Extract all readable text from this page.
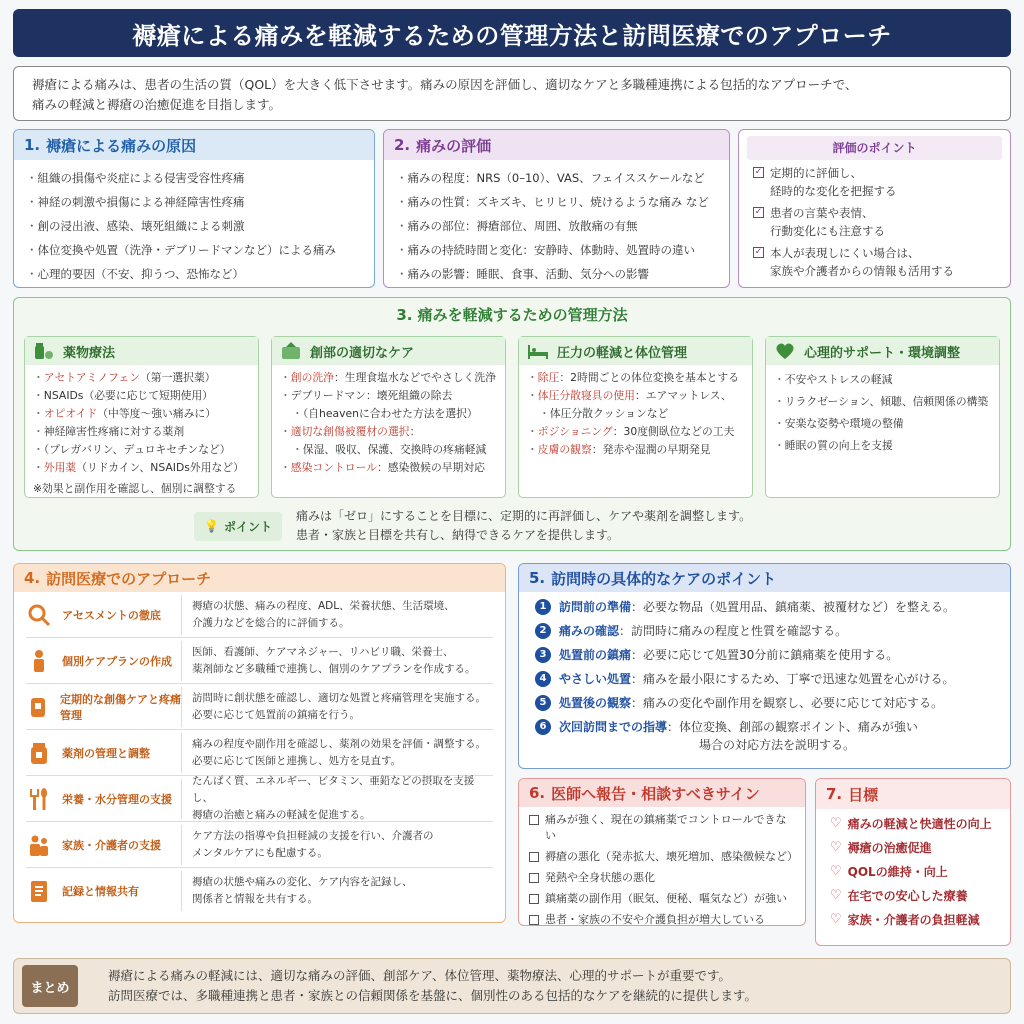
褥瘡による痛みを軽減するための管理方法と訪問医療でのアプローチ
褥瘡による痛みは、患者の生活の質（QOL）を大きく低下させます。痛みの原因を評価し、適切なケアと多職種連携による包括的なアプローチで、
痛みの軽減と褥瘡の治癒促進を目指します。
1. 褥瘡による痛みの原因
・ 組織の損傷や炎症による侵害受容性疼痛
・ 神経の刺激や損傷による神経障害性疼痛
・ 創の浸出液、感染、壊死組織による刺激
・ 体位変換や処置（洗浄・デブリードマンなど）による痛み
・ 心理的要因（不安、抑うつ、恐怖など）
2. 痛みの評価
・ 痛みの程度：NRS（0–10）、VAS、フェイススケールなど
・ 痛みの性質：ズキズキ、ヒリヒリ、焼けるような痛み など
・ 痛みの部位：褥瘡部位、周囲、放散痛の有無
・ 痛みの持続時間と変化：安静時、体動時、処置時の違い
・ 痛みの影響：睡眠、食事、活動、気分への影響
評価のポイント
✓ 定期的に評価し、
経時的な変化を把握する
✓ 患者の言葉や表情、
行動変化にも注意する
✓ 本人が表現しにくい場合は、
家族や介護者からの情報も活用する
3. 痛みを軽減するための管理方法
薬物療法
・ アセトアミノフェン（第一選択薬）
・ NSAIDs（必要に応じて短期使用）
・ オピオイド（中等度〜強い痛みに）
・ 神経障害性疼痛に対する薬剤
・ （プレガバリン、デュロキセチンなど）
・ 外用薬（リドカイン、NSAIDs外用など）
※効果と副作用を確認し、個別に調整する
創部の適切なケア
・ 創の洗浄：生理食塩水などでやさしく洗浄
・ デブリードマン：壊死組織の除去
・ （自heavenに合わせた方法を選択）
・ 適切な創傷被覆材の選択：
・ 保湿、吸収、保護、交換時の疼痛軽減
・ 感染コントロール：感染徴候の早期対応
圧力の軽減と体位管理
・ 除圧：2時間ごとの体位変換を基本とする
・ 体圧分散寝具の使用：エアマットレス、
・ 体圧分散クッションなど
・ ポジショニング：30度側臥位などの工夫
・ 皮膚の観察：発赤や湿潤の早期発見
心理的サポート・環境調整
・ 不安やストレスの軽減
・ リラクゼーション、傾聴、信頼関係の構築
・ 安楽な姿勢や環境の整備
・ 睡眠の質の向上を支援
💡 ポイント
痛みは「ゼロ」にすることを目標に、定期的に再評価し、ケアや薬剤を調整します。
患者・家族と目標を共有し、納得できるケアを提供します。
4. 訪問医療でのアプローチ
アセスメントの徹底
褥瘡の状態、痛みの程度、ADL、栄養状態、生活環境、
介護力などを総合的に評価する。
個別ケアプランの作成
医師、看護師、ケアマネジャー、リハビリ職、栄養士、
薬剤師など多職種で連携し、個別のケアプランを作成する。
定期的な創傷ケアと疼痛管理
訪問時に創状態を確認し、適切な処置と疼痛管理を実施する。
必要に応じて処置前の鎮痛を行う。
薬剤の管理と調整
痛みの程度や副作用を確認し、薬剤の効果を評価・調整する。
必要に応じて医師と連携し、処方を見直す。
栄養・水分管理の支援
たんぱく質、エネルギー、ビタミン、亜鉛などの摂取を支援し、
褥瘡の治癒と痛みの軽減を促進する。
家族・介護者の支援
ケア方法の指導や負担軽減の支援を行い、介護者の
メンタルケアにも配慮する。
記録と情報共有
褥瘡の状態や痛みの変化、ケア内容を記録し、
関係者と情報を共有する。
5. 訪問時の具体的なケアのポイント
1	訪問前の準備：必要な物品（処置用品、鎮痛薬、被覆材など）を整える。
2	痛みの確認：訪問時に痛みの程度と性質を確認する。
3	処置前の鎮痛：必要に応じて処置30分前に鎮痛薬を使用する。
4	やさしい処置：痛みを最小限にするため、丁寧で迅速な処置を心がける。
5	処置後の観察：痛みの変化や副作用を観察し、必要に応じて対応する。
6	次回訪問までの指導：体位変換、創部の観察ポイント、痛みが強い
場合の対応方法を説明する。
6. 医師へ報告・相談すべきサイン
痛みが強く、現在の鎮痛薬でコントロールできない
褥瘡の悪化（発赤拡大、壊死増加、感染徴候など）
発熱や全身状態の悪化
鎮痛薬の副作用（眠気、便秘、嘔気など）が強い
患者・家族の不安や介護負担が増大している
7. 目標
♡ 痛みの軽減と快適性の向上
♡ 褥瘡の治癒促進
♡ QOLの維持・向上
♡ 在宅での安心した療養
♡ 家族・介護者の負担軽減
まとめ
褥瘡による痛みの軽減には、適切な痛みの評価、創部ケア、体位管理、薬物療法、心理的サポートが重要です。
訪問医療では、多職種連携と患者・家族との信頼関係を基盤に、個別性のある包括的なケアを継続的に提供します。
